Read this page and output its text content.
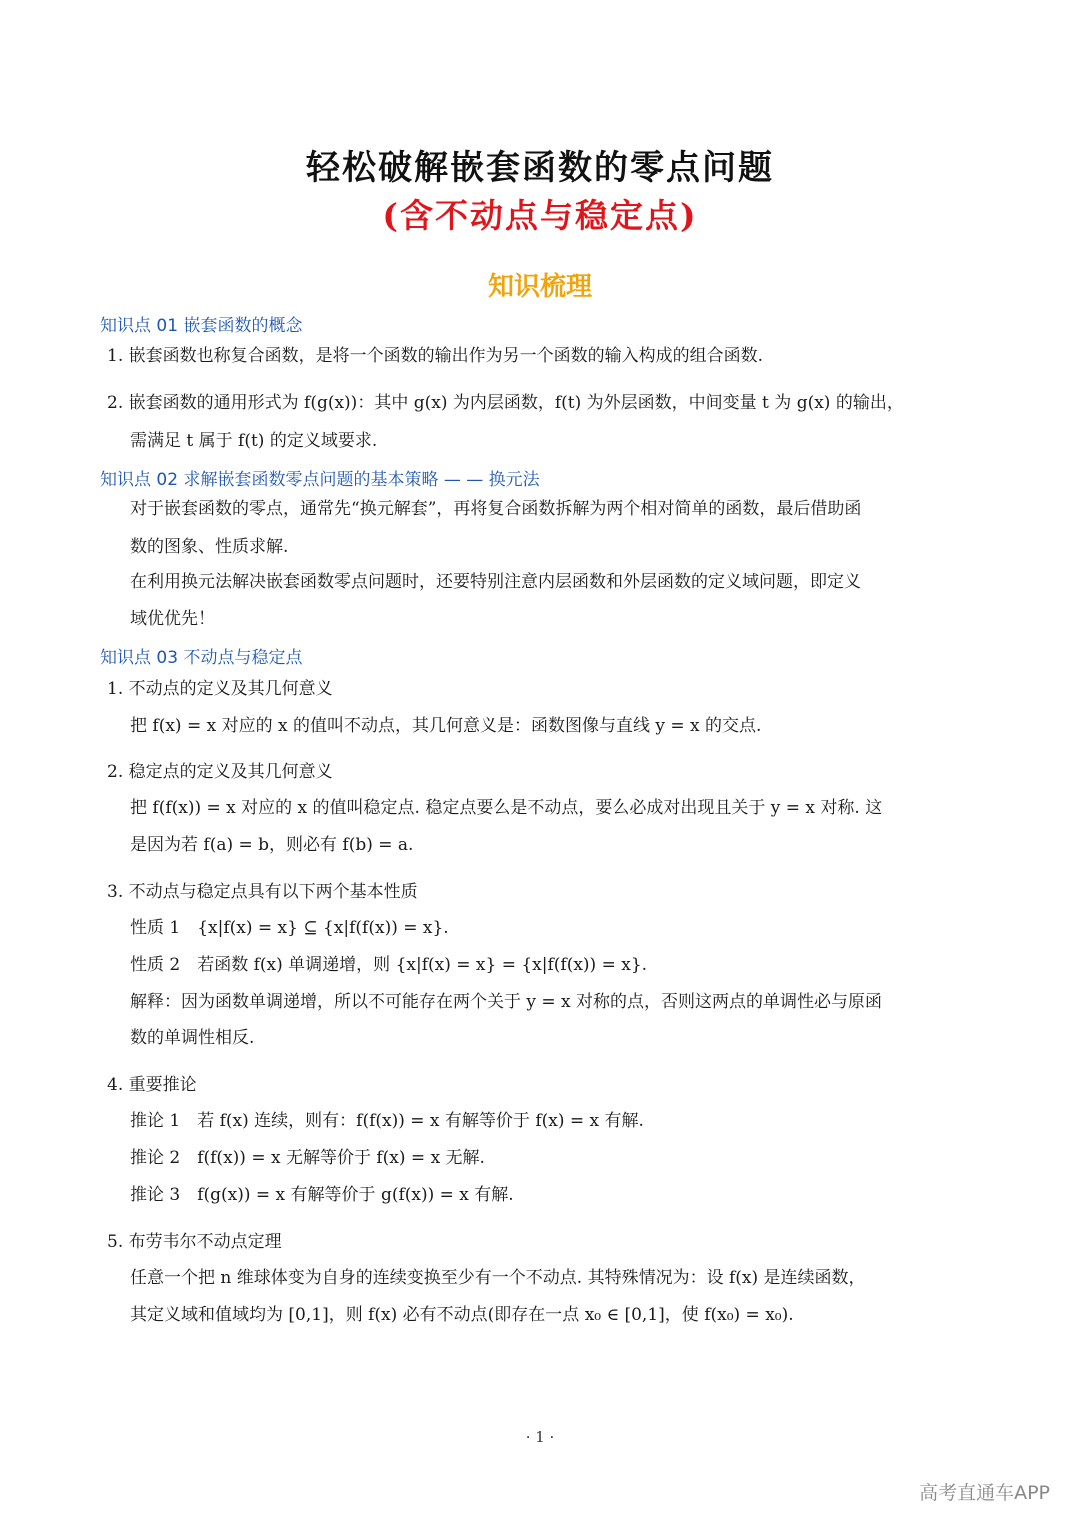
轻松破解嵌套函数的零点问题
(含不动点与稳定点)
知识梳理
知识点 01 嵌套函数的概念
1. 嵌套函数也称复合函数，是将一个函数的输出作为另一个函数的输入构成的组合函数.
2. 嵌套函数的通用形式为 f(g(x))：其中 g(x) 为内层函数，f(t) 为外层函数，中间变量 t 为 g(x) 的输出，
需满足 t 属于 f(t) 的定义域要求.
知识点 02 求解嵌套函数零点问题的基本策略 — — 换元法
对于嵌套函数的零点，通常先“换元解套”，再将复合函数拆解为两个相对简单的函数，最后借助函
数的图象、性质求解.
在利用换元法解决嵌套函数零点问题时，还要特别注意内层函数和外层函数的定义域问题，即定义
域优优先！
知识点 03 不动点与稳定点
1. 不动点的定义及其几何意义
把 f(x) = x 对应的 x 的值叫不动点，其几何意义是：函数图像与直线 y = x 的交点.
2. 稳定点的定义及其几何意义
把 f(f(x)) = x 对应的 x 的值叫稳定点. 稳定点要么是不动点，要么必成对出现且关于 y = x 对称. 这
是因为若 f(a) = b，则必有 f(b) = a.
3. 不动点与稳定点具有以下两个基本性质
性质 1　{x|f(x) = x} ⊆ {x|f(f(x)) = x}.
性质 2　若函数 f(x) 单调递增，则 {x|f(x) = x} = {x|f(f(x)) = x}.
解释：因为函数单调递增，所以不可能存在两个关于 y = x 对称的点，否则这两点的单调性必与原函
数的单调性相反.
4. 重要推论
推论 1　若 f(x) 连续，则有：f(f(x)) = x 有解等价于 f(x) = x 有解.
推论 2　f(f(x)) = x 无解等价于 f(x) = x 无解.
推论 3　f(g(x)) = x 有解等价于 g(f(x)) = x 有解.
5. 布劳韦尔不动点定理
任意一个把 n 维球体变为自身的连续变换至少有一个不动点. 其特殊情况为：设 f(x) 是连续函数，
其定义域和值域均为 [0,1]，则 f(x) 必有不动点(即存在一点 x₀ ∈ [0,1]，使 f(x₀) = x₀).
· 1 ·
高考直通车APP
